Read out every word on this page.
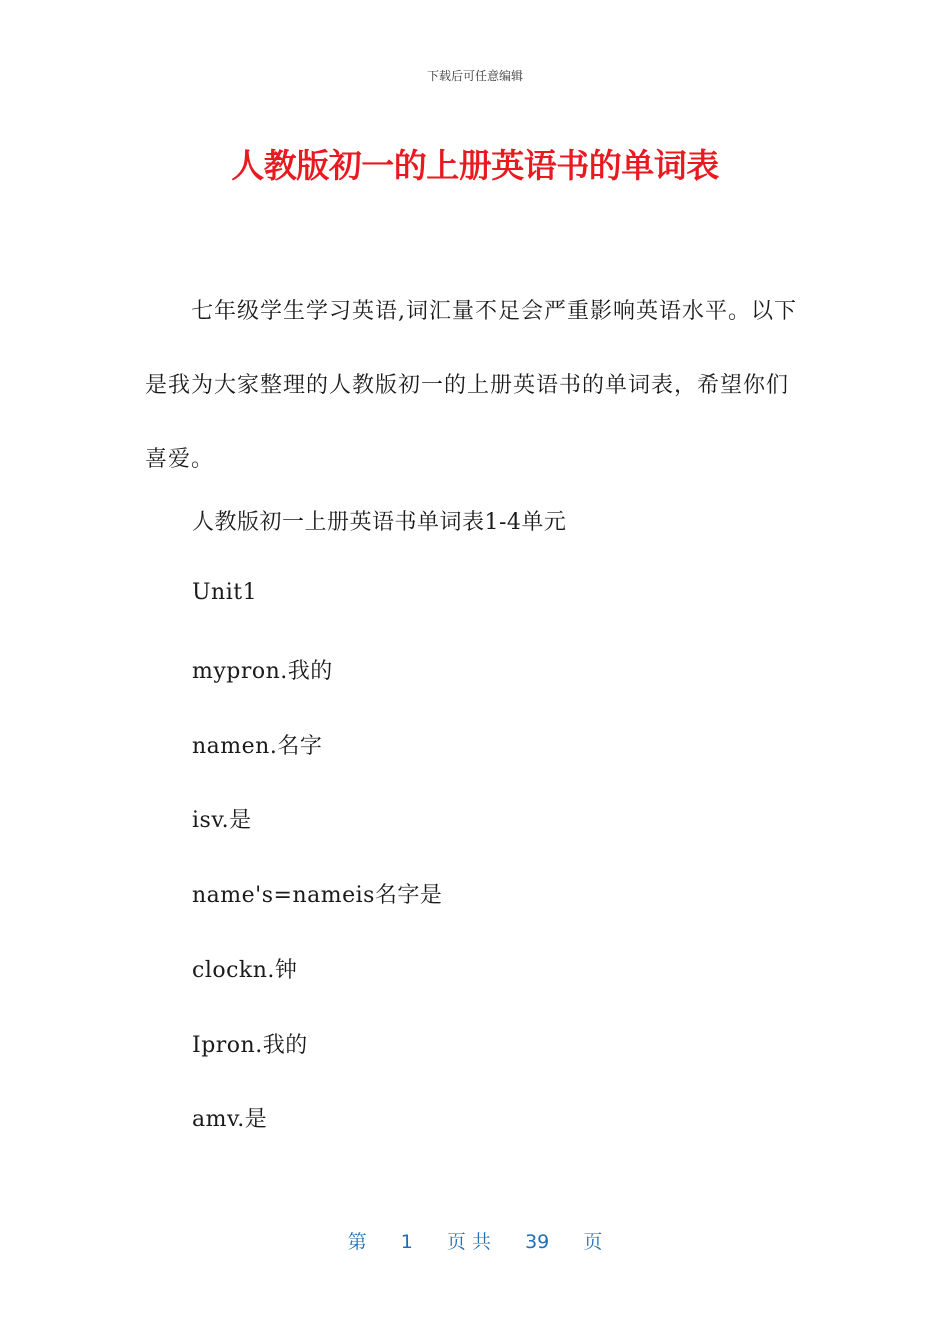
下载后可任意编辑
人教版初一的上册英语书的单词表

七年级学生学习英语,词汇量不足会严重影响英语水平。以下是我为大家整理的人教版初一的上册英语书的单词表，希望你们喜爱。

人教版初一上册英语书单词表1-4单元

Unit1

mypron.我的

namen.名字

isv.是

name's=nameis名字是

clockn.钟

Ipron.我的

amv.是

第 1 页 共 39 页
